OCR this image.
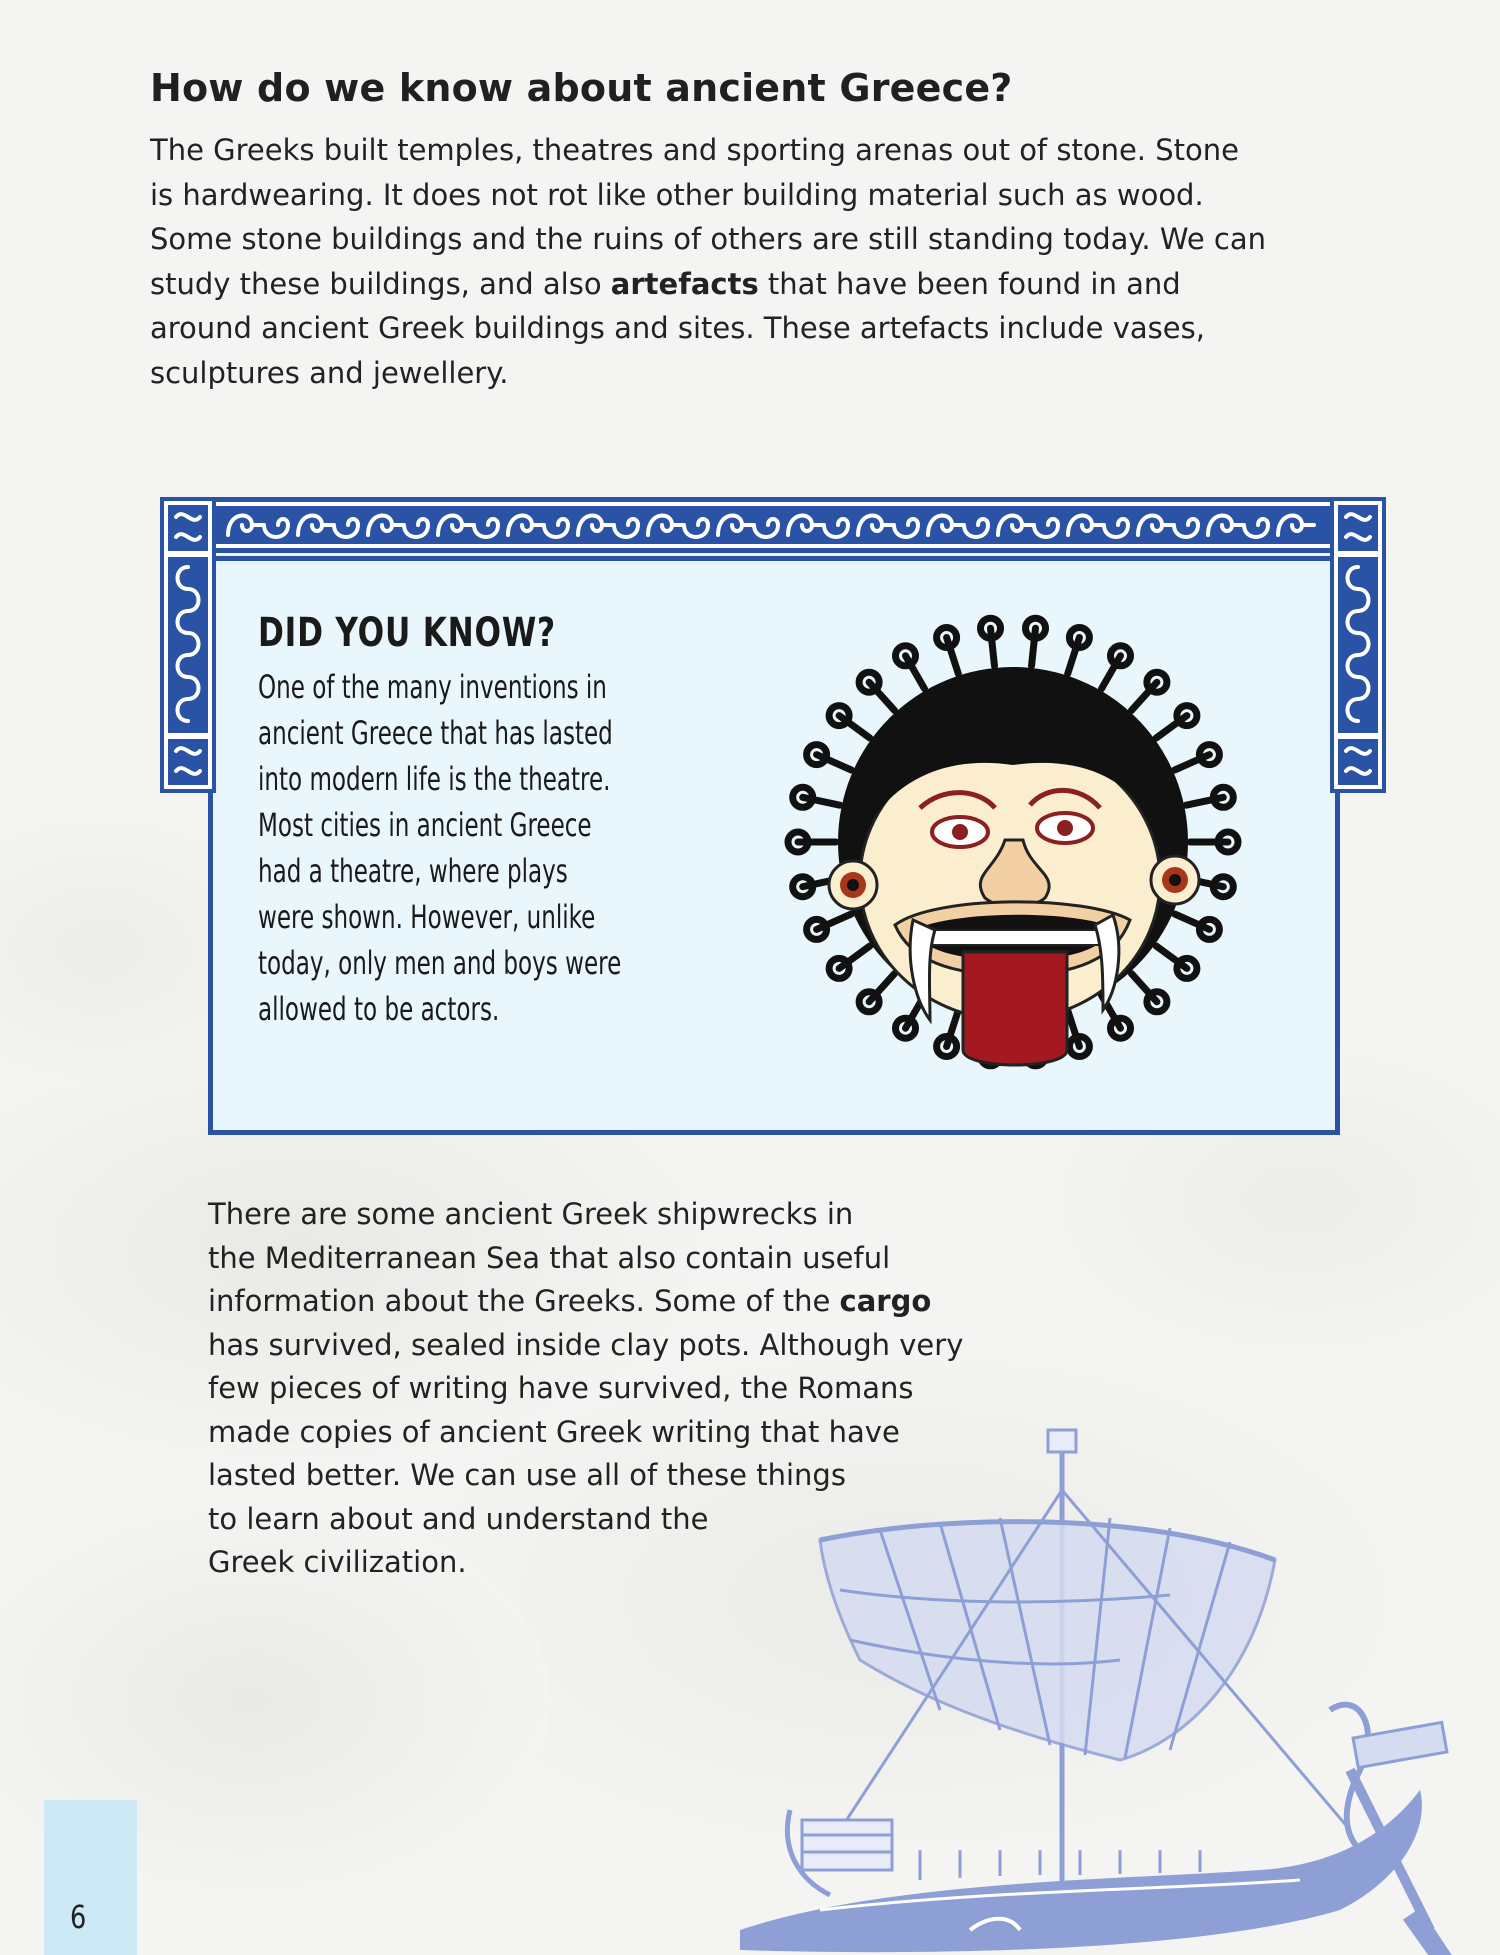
How do we know about ancient Greece?

The Greeks built temples, theatres and sporting arenas out of stone. Stone is hardwearing. It does not rot like other building material such as wood. Some stone buildings and the ruins of others are still standing today. We can study these buildings, and also artefacts that have been found in and around ancient Greek buildings and sites. These artefacts include vases, sculptures and jewellery.

DID YOU KNOW?

One of the many inventions in
ancient Greece that has lasted
into modern life is the theatre.
Most cities in ancient Greece
had a theatre, where plays
were shown. However, unlike
today, only men and boys were
allowed to be actors.

There are some ancient Greek shipwrecks in
the Mediterranean Sea that also contain useful
information about the Greeks. Some of the cargo
has survived, sealed inside clay pots. Although very
few pieces of writing have survived, the Romans
made copies of ancient Greek writing that have
lasted better. We can use all of these things
to learn about and understand the
Greek civilization.

6
